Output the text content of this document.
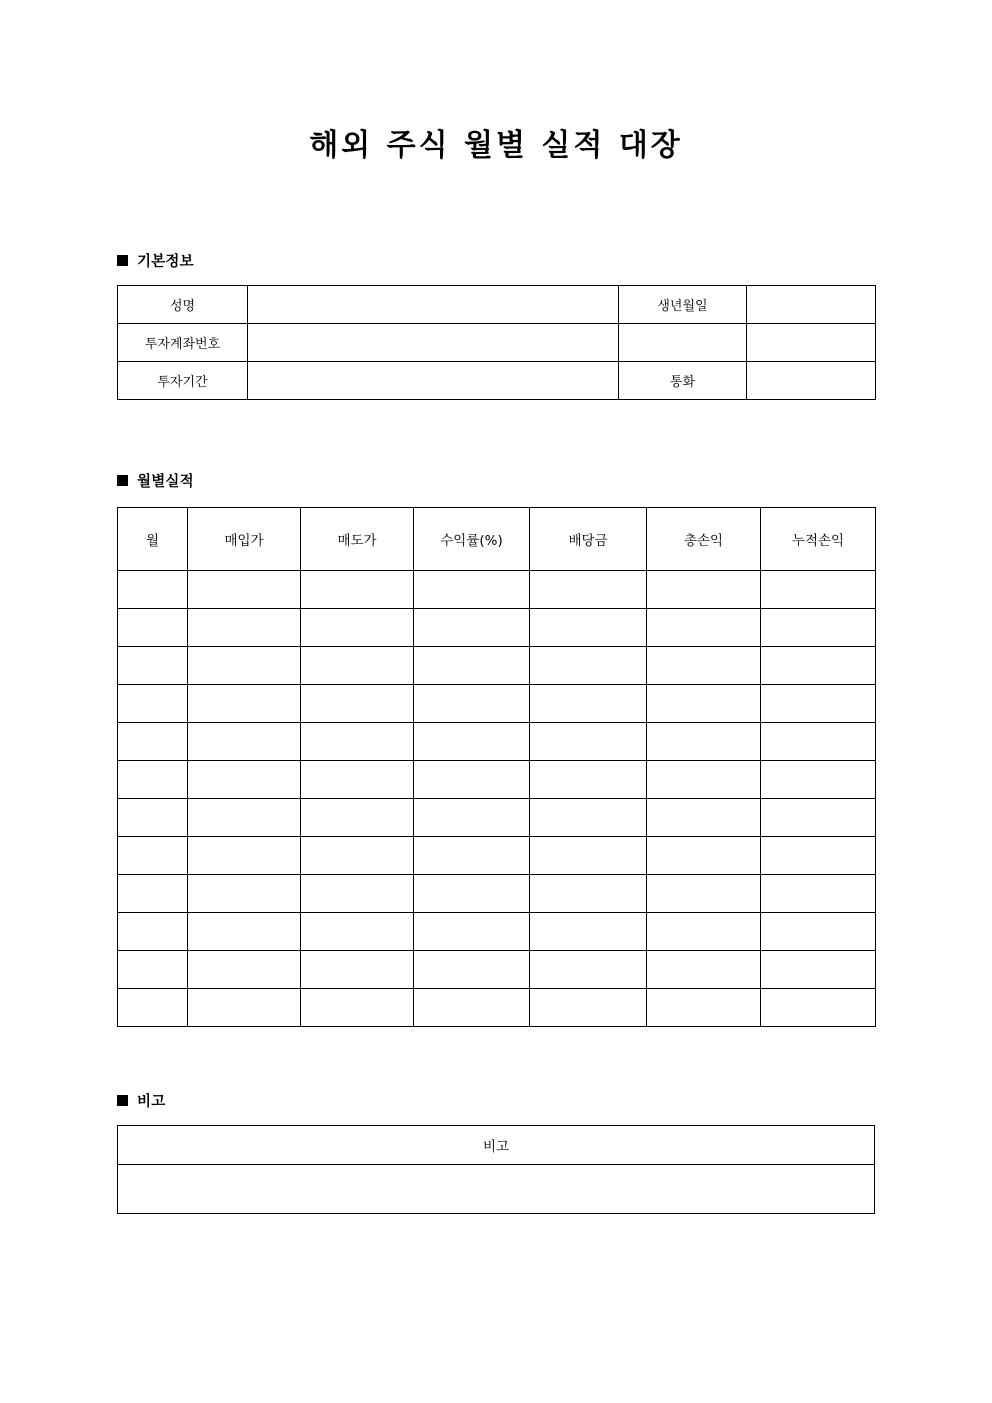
해외 주식 월별 실적 대장
기본정보
성명		생년월일	
투자계좌번호			
투자기간		통화	
월별실적
월	매입가	매도가	수익률(%)	배당금	총손익	누적손익

비고
비고
